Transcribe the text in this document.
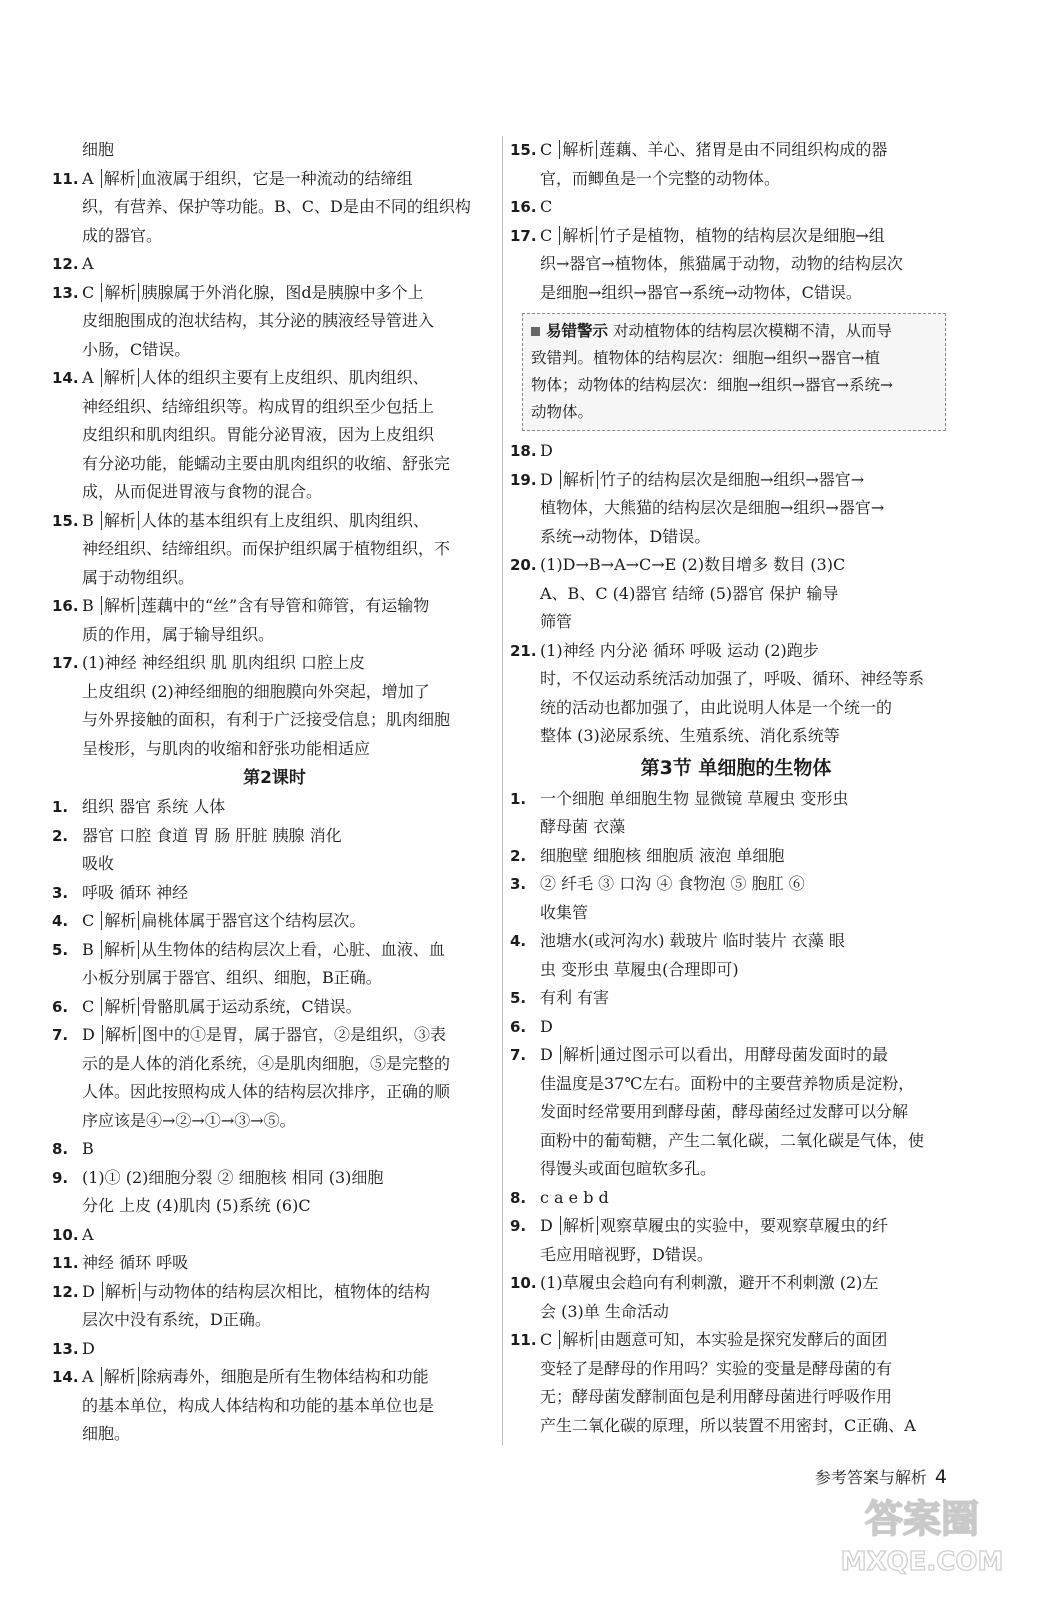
细胞
11. A 解析 血液属于组织，它是一种流动的结缔组
织，有营养、保护等功能。B、C、D是由不同的组织构
成的器官。
12. A
13. C 解析 胰腺属于外消化腺，图d是胰腺中多个上
皮细胞围成的泡状结构，其分泌的胰液经导管进入
小肠，C错误。
14. A 解析 人体的组织主要有上皮组织、肌肉组织、
神经组织、结缔组织等。构成胃的组织至少包括上
皮组织和肌肉组织。胃能分泌胃液，因为上皮组织
有分泌功能，能蠕动主要由肌肉组织的收缩、舒张完
成，从而促进胃液与食物的混合。
15. B 解析 人体的基本组织有上皮组织、肌肉组织、
神经组织、结缔组织。而保护组织属于植物组织，不
属于动物组织。
16. B 解析 莲藕中的“丝”含有导管和筛管，有运输物
质的作用，属于输导组织。
17. (1)神经 神经组织 肌 肌肉组织 口腔上皮
上皮组织 (2)神经细胞的细胞膜向外突起，增加了
与外界接触的面积，有利于广泛接受信息；肌肉细胞
呈梭形，与肌肉的收缩和舒张功能相适应
第2课时
1. 组织 器官 系统 人体
2. 器官 口腔 食道 胃 肠 肝脏 胰腺 消化
吸收
3. 呼吸 循环 神经
4. C 解析 扁桃体属于器官这个结构层次。
5. B 解析 从生物体的结构层次上看，心脏、血液、血
小板分别属于器官、组织、细胞，B正确。
6. C 解析 骨骼肌属于运动系统，C错误。
7. D 解析 图中的①是胃，属于器官，②是组织，③表
示的是人体的消化系统，④是肌肉细胞，⑤是完整的
人体。因此按照构成人体的结构层次排序，正确的顺
序应该是④→②→①→③→⑤。
8. B
9. (1)① (2)细胞分裂 ② 细胞核 相同 (3)细胞
分化 上皮 (4)肌肉 (5)系统 (6)C
10. A
11. 神经 循环 呼吸
12. D 解析 与动物体的结构层次相比，植物体的结构
层次中没有系统，D正确。
13. D
14. A 解析 除病毒外，细胞是所有生物体结构和功能
的基本单位，构成人体结构和功能的基本单位也是
细胞。
15. C 解析 莲藕、羊心、猪胃是由不同组织构成的器
官，而鲫鱼是一个完整的动物体。
16. C
17. C 解析 竹子是植物，植物的结构层次是细胞→组
织→器官→植物体，熊猫属于动物，动物的结构层次
是细胞→组织→器官→系统→动物体，C错误。
易错警示 对动植物体的结构层次模糊不清，从而导
致错判。植物体的结构层次：细胞→组织→器官→植
物体；动物体的结构层次：细胞→组织→器官→系统→
动物体。
18. D
19. D 解析 竹子的结构层次是细胞→组织→器官→
植物体，大熊猫的结构层次是细胞→组织→器官→
系统→动物体，D错误。
20. (1)D→B→A→C→E (2)数目增多 数目 (3)C
A、B、C (4)器官 结缔 (5)器官 保护 输导
筛管
21. (1)神经 内分泌 循环 呼吸 运动 (2)跑步
时，不仅运动系统活动加强了，呼吸、循环、神经等系
统的活动也都加强了，由此说明人体是一个统一的
整体 (3)泌尿系统、生殖系统、消化系统等
第3节 单细胞的生物体
1. 一个细胞 单细胞生物 显微镜 草履虫 变形虫
酵母菌 衣藻
2. 细胞壁 细胞核 细胞质 液泡 单细胞
3. ② 纤毛 ③ 口沟 ④ 食物泡 ⑤ 胞肛 ⑥
收集管
4. 池塘水(或河沟水) 载玻片 临时装片 衣藻 眼
虫 变形虫 草履虫(合理即可)
5. 有利 有害
6. D
7. D 解析 通过图示可以看出，用酵母菌发面时的最
佳温度是37℃左右。面粉中的主要营养物质是淀粉，
发面时经常要用到酵母菌，酵母菌经过发酵可以分解
面粉中的葡萄糖，产生二氧化碳，二氧化碳是气体，使
得馒头或面包暄软多孔。
8. c a e b d
9. D 解析 观察草履虫的实验中，要观察草履虫的纤
毛应用暗视野，D错误。
10. (1)草履虫会趋向有利刺激，避开不利刺激 (2)左
会 (3)单 生命活动
11. C 解析 由题意可知，本实验是探究发酵后的面团
变轻了是酵母的作用吗？实验的变量是酵母菌的有
无；酵母菌发酵制面包是利用酵母菌进行呼吸作用
产生二氧化碳的原理，所以装置不用密封，C正确、A
参考答案与解析 4
答案圈
MXQE.COM
